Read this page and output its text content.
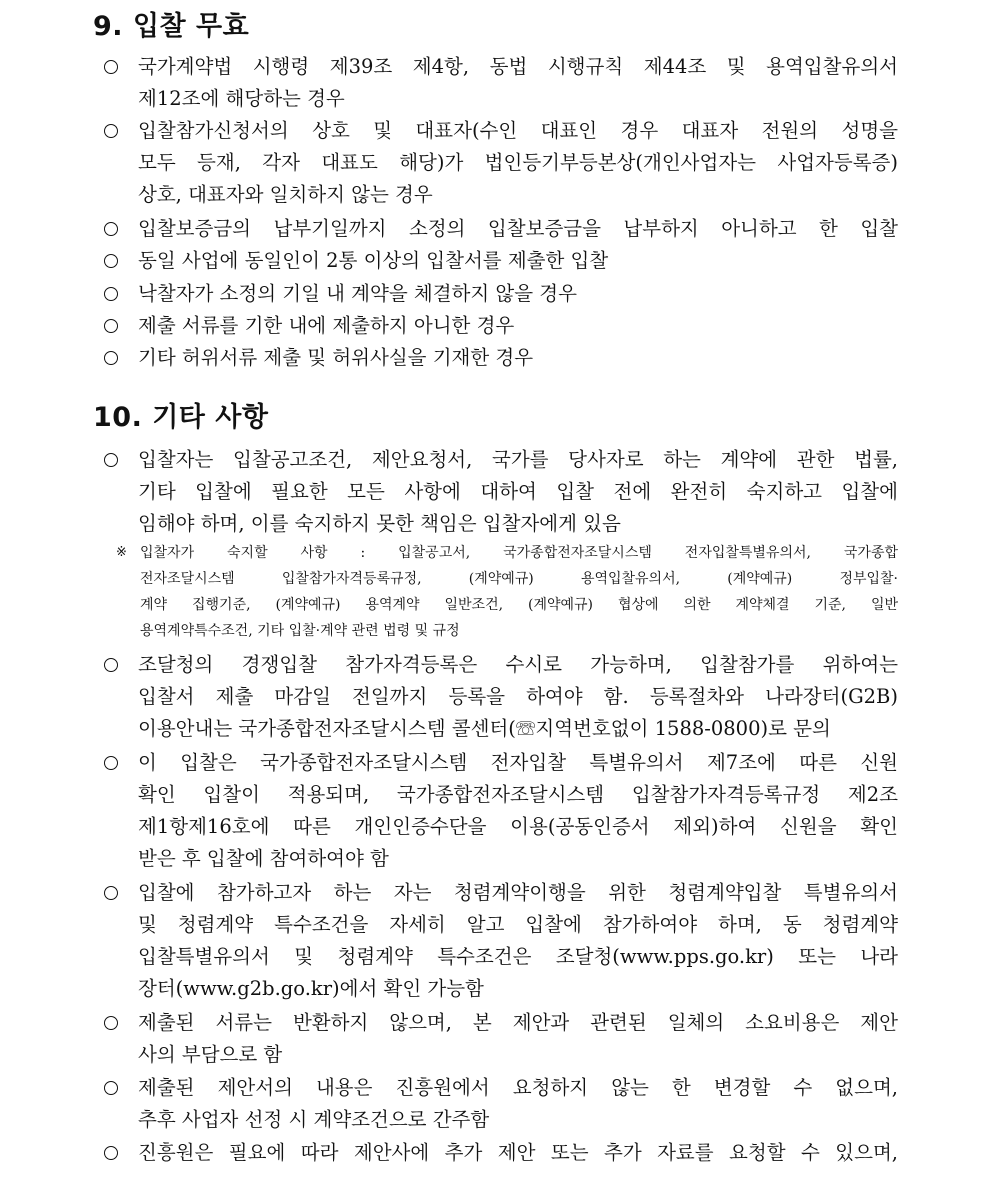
9. 입찰 무효
국가계약법 시행령 제39조 제4항, 동법 시행규칙 제44조 및 용역입찰유의서
제12조에 해당하는 경우
입찰참가신청서의 상호 및 대표자(수인 대표인 경우 대표자 전원의 성명을
모두 등재, 각자 대표도 해당)가 법인등기부등본상(개인사업자는 사업자등록증)
상호, 대표자와 일치하지 않는 경우
입찰보증금의 납부기일까지 소정의 입찰보증금을 납부하지 아니하고 한 입찰
동일 사업에 동일인이 2통 이상의 입찰서를 제출한 입찰
낙찰자가 소정의 기일 내 계약을 체결하지 않을 경우
제출 서류를 기한 내에 제출하지 아니한 경우
기타 허위서류 제출 및 허위사실을 기재한 경우
10. 기타 사항
입찰자는 입찰공고조건, 제안요청서, 국가를 당사자로 하는 계약에 관한 법률,
기타 입찰에 필요한 모든 사항에 대하여 입찰 전에 완전히 숙지하고 입찰에
임해야 하며, 이를 숙지하지 못한 책임은 입찰자에게 있음
※ 입찰자가 숙지할 사항 : 입찰공고서, 국가종합전자조달시스템 전자입찰특별유의서, 국가종합
전자조달시스템 입찰참가자격등록규정, (계약예규) 용역입찰유의서, (계약예규) 정부입찰·
계약 집행기준, (계약예규) 용역계약 일반조건, (계약예규) 협상에 의한 계약체결 기준, 일반
용역계약특수조건, 기타 입찰·계약 관련 법령 및 규정
조달청의 경쟁입찰 참가자격등록은 수시로 가능하며, 입찰참가를 위하여는
입찰서 제출 마감일 전일까지 등록을 하여야 함. 등록절차와 나라장터(G2B)
이용안내는 국가종합전자조달시스템 콜센터(☏지역번호없이 1588-0800)로 문의
이 입찰은 국가종합전자조달시스템 전자입찰 특별유의서 제7조에 따른 신원
확인 입찰이 적용되며, 국가종합전자조달시스템 입찰참가자격등록규정 제2조
제1항제16호에 따른 개인인증수단을 이용(공동인증서 제외)하여 신원을 확인
받은 후 입찰에 참여하여야 함
입찰에 참가하고자 하는 자는 청렴계약이행을 위한 청렴계약입찰 특별유의서
및 청렴계약 특수조건을 자세히 알고 입찰에 참가하여야 하며, 동 청렴계약
입찰특별유의서 및 청렴계약 특수조건은 조달청(www.pps.go.kr) 또는 나라
장터(www.g2b.go.kr)에서 확인 가능함
제출된 서류는 반환하지 않으며, 본 제안과 관련된 일체의 소요비용은 제안
사의 부담으로 함
제출된 제안서의 내용은 진흥원에서 요청하지 않는 한 변경할 수 없으며,
추후 사업자 선정 시 계약조건으로 간주함
진흥원은 필요에 따라 제안사에 추가 제안 또는 추가 자료를 요청할 수 있으며,
